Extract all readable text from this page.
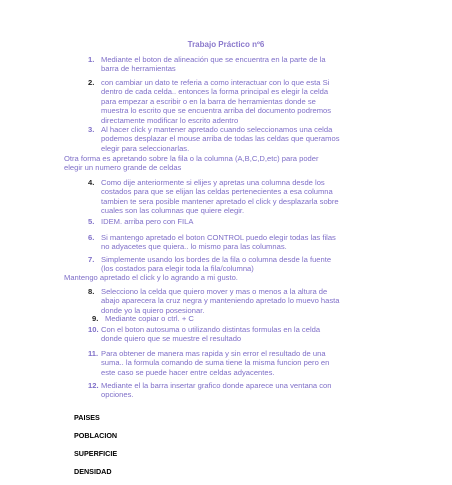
Trabajo Práctico nº6
1. Mediante el boton de alineación que se encuentra en la parte de la
barra de herramientas
2. con cambiar un dato te referia a como interactuar con lo que esta Si
dentro de cada celda.. entonces la forma principal es elegir la celda
para empezar a escribir o en la barra de herramientas donde se
muestra lo escrito que se encuentra arriba del documento podremos
directamente modificar lo escrito adentro
3. Al hacer click y mantener apretado cuando seleccionamos una celda
podemos desplazar el mouse arriba de todas las celdas que queramos
elegir para seleccionarlas.
Otra forma es apretando sobre la fila o la columna (A,B,C,D,etc) para poder
elegir un numero grande de celdas
4. Como dije anteriormente si elijes y apretas una columna desde los
costados para que se elijan las celdas pertenecientes a esa columna
tambien te sera posible mantener apretado el click y desplazarla sobre
cuales son las columnas que quiere elegir.
5. IDEM. arriba pero con FILA
6. Si mantengo apretado el boton CONTROL puedo elegir todas las filas
no adyacetes que quiera.. lo mismo para las columnas.
7. Simplemente usando los bordes de la fila o columna desde la fuente
(los costados para elegir toda la fila/columna)
Mantengo apretado el click y lo agrando a mi gusto.
8. Selecciono la celda que quiero mover y mas o menos a la altura de
abajo aparecera la cruz negra y manteniendo apretado lo muevo hasta
donde yo la quiero posesionar.
9. Mediante copiar o ctrl. + C
10. Con el boton autosuma o utilizando distintas formulas en la celda
donde quiero que se muestre el resultado
11. Para obtener de manera mas rapida y sin error el resultado de una
suma.. la formula comando de suma tiene la misma funcion pero en
este caso se puede hacer entre celdas adyacentes.
12. Mediante el la barra insertar grafico donde aparece una ventana con
opciones.

PAISES

POBLACION

SUPERFICIE

DENSIDAD
